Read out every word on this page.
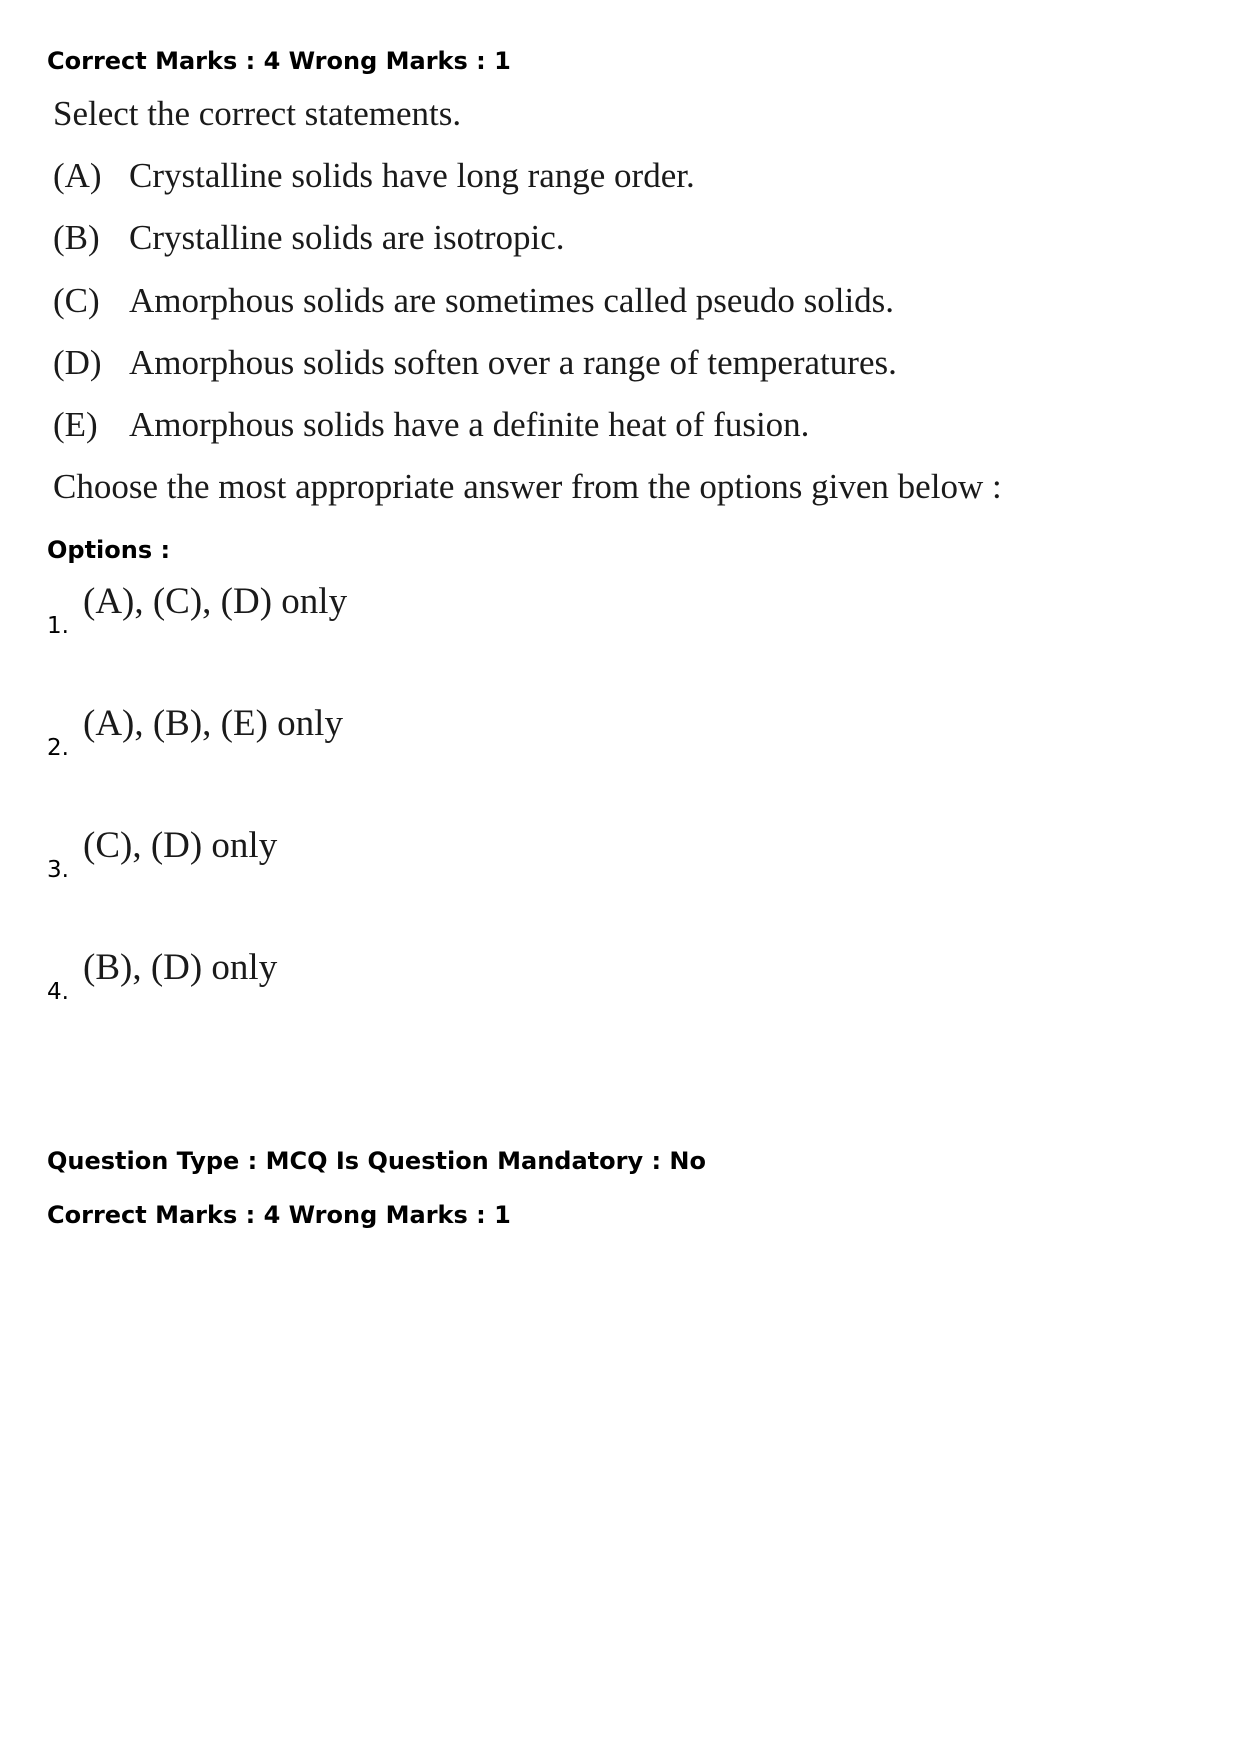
Correct Marks : 4 Wrong Marks : 1
Select the correct statements.
(A) Crystalline solids have long range order.
(B) Crystalline solids are isotropic.
(C) Amorphous solids are sometimes called pseudo solids.
(D) Amorphous solids soften over a range of temperatures.
(E) Amorphous solids have a definite heat of fusion.
Choose the most appropriate answer from the options given below :
Options :
1.
(A), (C), (D) only
2.
(A), (B), (E) only
3.
(C), (D) only
4.
(B), (D) only
Question Type : MCQ Is Question Mandatory : No
Correct Marks : 4 Wrong Marks : 1
